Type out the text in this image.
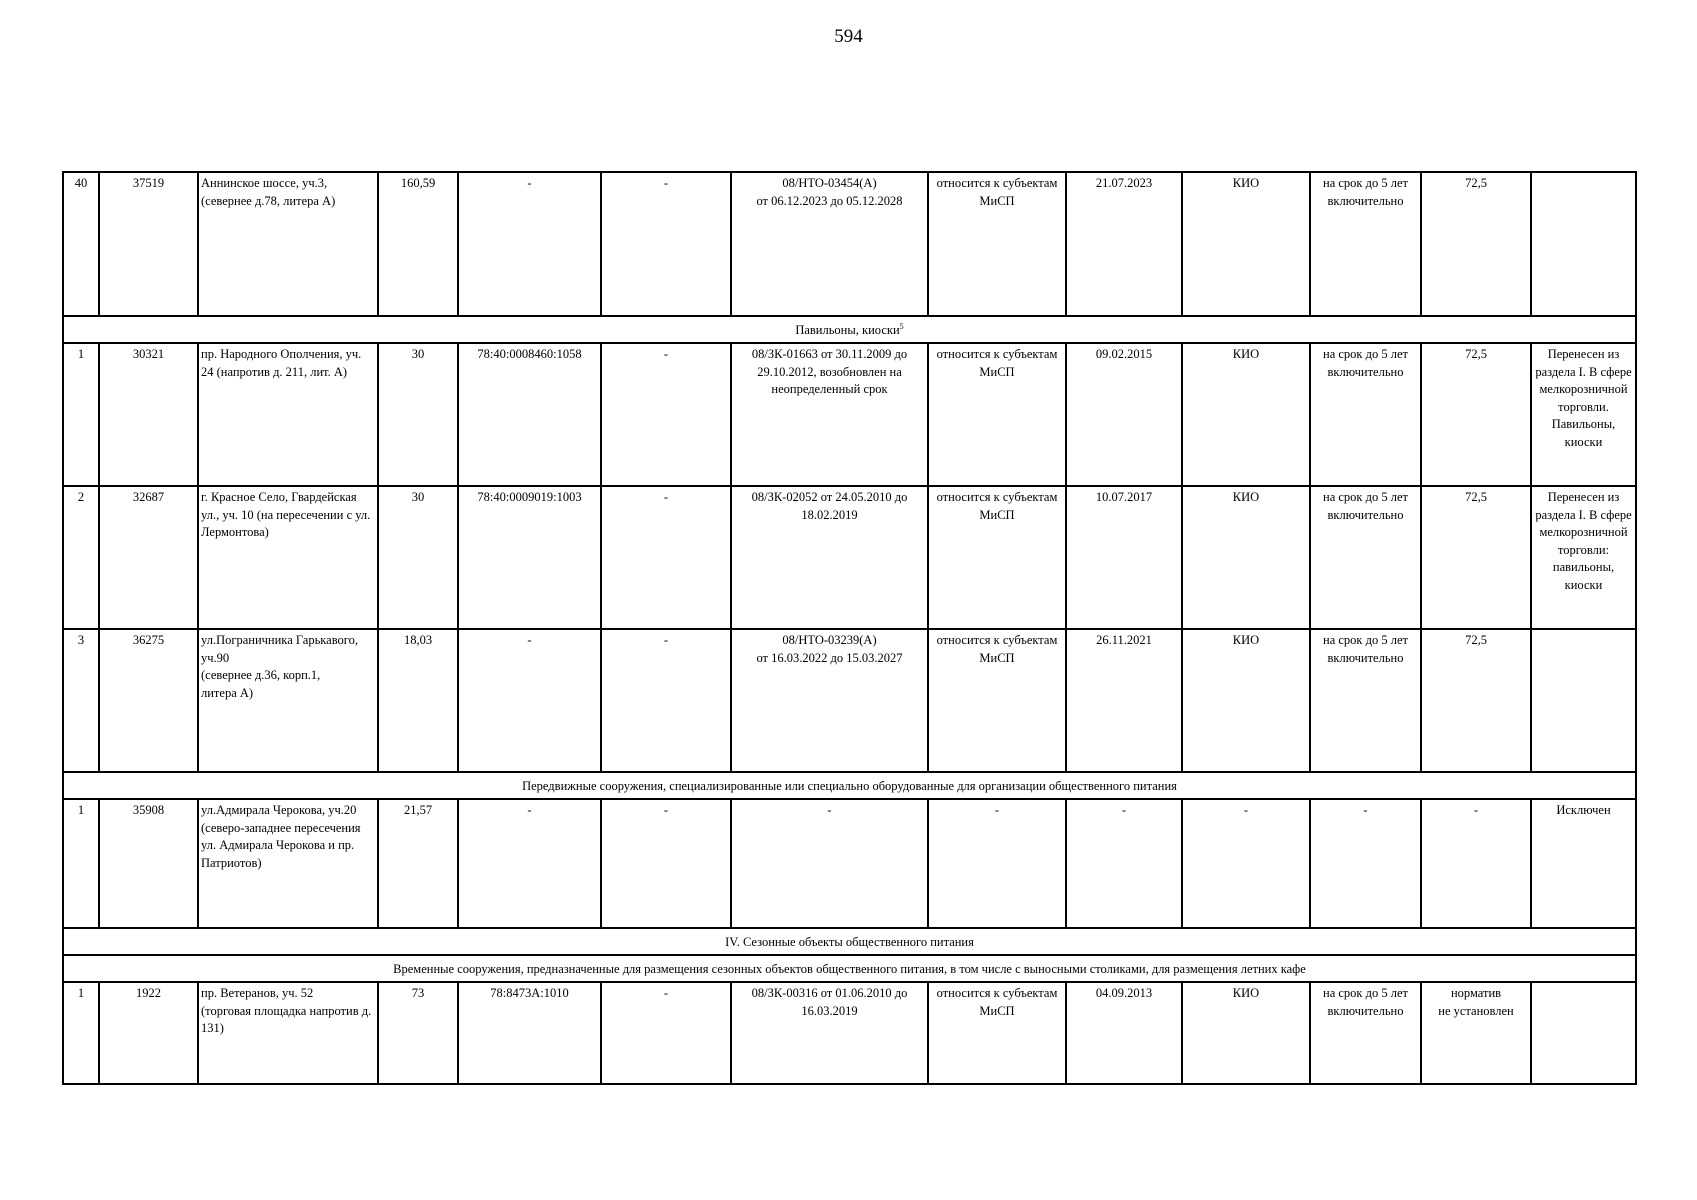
594
40	37519	Аннинское шоссе, уч.3,
(севернее д.78, литера А)	160,59	-	-	08/НТО-03454(А)
от 06.12.2023 до 05.12.2028	относится к субъектам МиСП	21.07.2023	КИО	на срок до 5 лет включительно	72,5	

Павильоны, киоски$^5$

1	30321	пр. Народного Ополчения, уч. 24 (напротив д. 211, лит. А)	30	78:40:0008460:1058	-	08/ЗК-01663 от 30.11.2009 до 29.10.2012, возобновлен на неопределенный срок	относится к субъектам МиСП	09.02.2015	КИО	на срок до 5 лет включительно	72,5	Перенесен из раздела I. В сфере мелкорозничной торговли. Павильоны, киоски

2	32687	г. Красное Село, Гвардейская ул., уч. 10 (на пересечении с ул. Лермонтова)	30	78:40:0009019:1003	-	08/ЗК-02052 от 24.05.2010 до 18.02.2019	относится к субъектам МиСП	10.07.2017	КИО	на срок до 5 лет включительно	72,5	Перенесен из раздела I. В сфере мелкорозничной торговли: павильоны, киоски

3	36275	ул.Пограничника Гарькавого, уч.90
(севернее д.36, корп.1,
литера А)	18,03	-	-	08/НТО-03239(А)
от 16.03.2022 до 15.03.2027	относится к субъектам МиСП	26.11.2021	КИО	на срок до 5 лет включительно	72,5	

Передвижные сооружения, специализированные или специально оборудованные для организации общественного питания												

1	35908	ул.Адмирала Черокова, уч.20
(северо-западнее пересечения ул. Адмирала Черокова и пр. Патриотов)	21,57	-	-	-	-	-	-	-	-	Исключен

IV. Сезонные объекты общественного питания												
Временные сооружения, предназначенные для размещения сезонных объектов общественного питания, в том числе с выносными столиками, для размещения летних кафе												

1	1922	пр. Ветеранов, уч. 52
(торговая площадка напротив д. 131)	73	78:8473А:1010	-	08/ЗК-00316 от 01.06.2010 до 16.03.2019	относится к субъектам МиСП	04.09.2013	КИО	на срок до 5 лет включительно	норматив
не установлен	
